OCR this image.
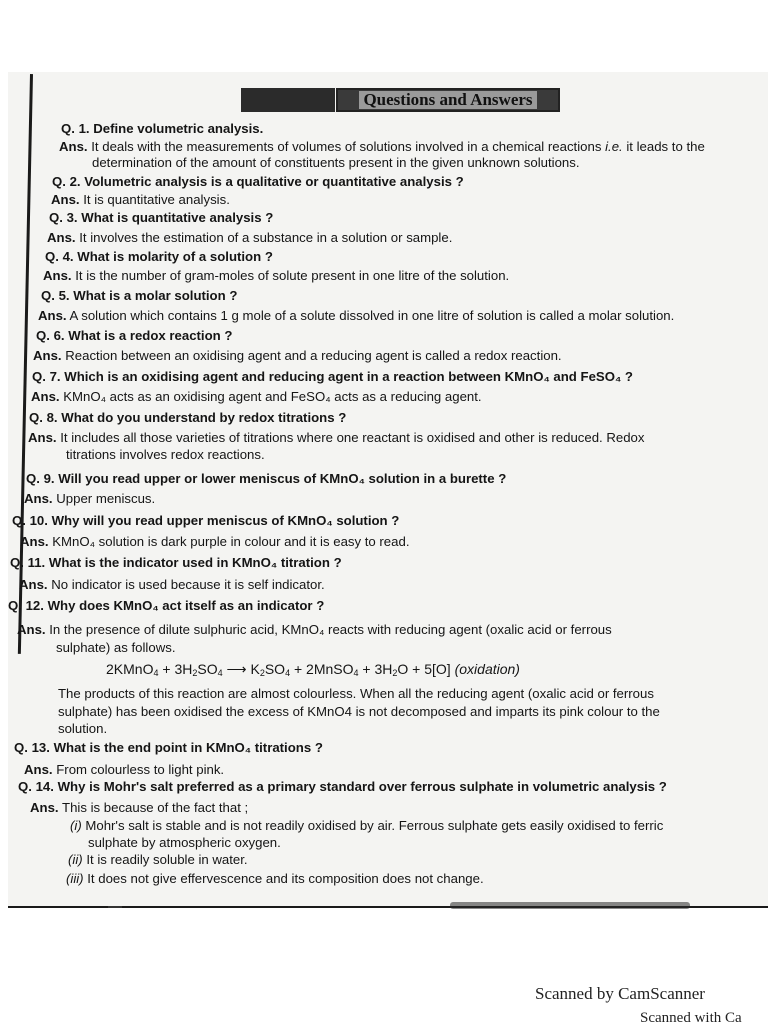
Questions and Answers
Q. 1. Define volumetric analysis.
Ans. It deals with the measurements of volumes of solutions involved in a chemical reactions i.e. it leads to the
determination of the amount of constituents present in the given unknown solutions.
Q. 2. Volumetric analysis is a qualitative or quantitative analysis ?
Ans. It is quantitative analysis.
Q. 3. What is quantitative analysis ?
Ans. It involves the estimation of a substance in a solution or sample.
Q. 4. What is molarity of a solution ?
Ans. It is the number of gram-moles of solute present in one litre of the solution.
Q. 5. What is a molar solution ?
Ans. A solution which contains 1 g mole of a solute dissolved in one litre of solution is called a molar solution.
Q. 6. What is a redox reaction ?
Ans. Reaction between an oxidising agent and a reducing agent is called a redox reaction.
Q. 7. Which is an oxidising agent and reducing agent in a reaction between KMnO₄ and FeSO₄ ?
Ans. KMnO₄ acts as an oxidising agent and FeSO₄ acts as a reducing agent.
Q. 8. What do you understand by redox titrations ?
Ans. It includes all those varieties of titrations where one reactant is oxidised and other is reduced. Redox
titrations involves redox reactions.
Q. 9. Will you read upper or lower meniscus of KMnO₄ solution in a burette ?
Ans. Upper meniscus.
Q. 10. Why will you read upper meniscus of KMnO₄ solution ?
Ans. KMnO₄ solution is dark purple in colour and it is easy to read.
Q. 11. What is the indicator used in KMnO₄ titration ?
Ans. No indicator is used because it is self indicator.
Q. 12. Why does KMnO₄ act itself as an indicator ?
Ans. In the presence of dilute sulphuric acid, KMnO₄ reacts with reducing agent (oxalic acid or ferrous
sulphate) as follows.
2KMnO$_4$ + $3H_2SO_4$ ⟶ $K_2SO_4$ + 2MnSO$_4$ + $3H_2O + 5[O]$ (oxidation)
The products of this reaction are almost colourless. When all the reducing agent (oxalic acid or ferrous
sulphate) has been oxidised the excess of KMnO4 is not decomposed and imparts its pink colour to the
solution.
Q. 13. What is the end point in KMnO₄ titrations ?
Ans. From colourless to light pink.
Q. 14. Why is Mohr's salt preferred as a primary standard over ferrous sulphate in volumetric analysis ?
Ans. This is because of the fact that ;
(i) Mohr's salt is stable and is not readily oxidised by air. Ferrous sulphate gets easily oxidised to ferric
sulphate by atmospheric oxygen.
(ii) It is readily soluble in water.
(iii) It does not give effervescence and its composition does not change.
Scanned by CamScanner
Scanned with Ca
